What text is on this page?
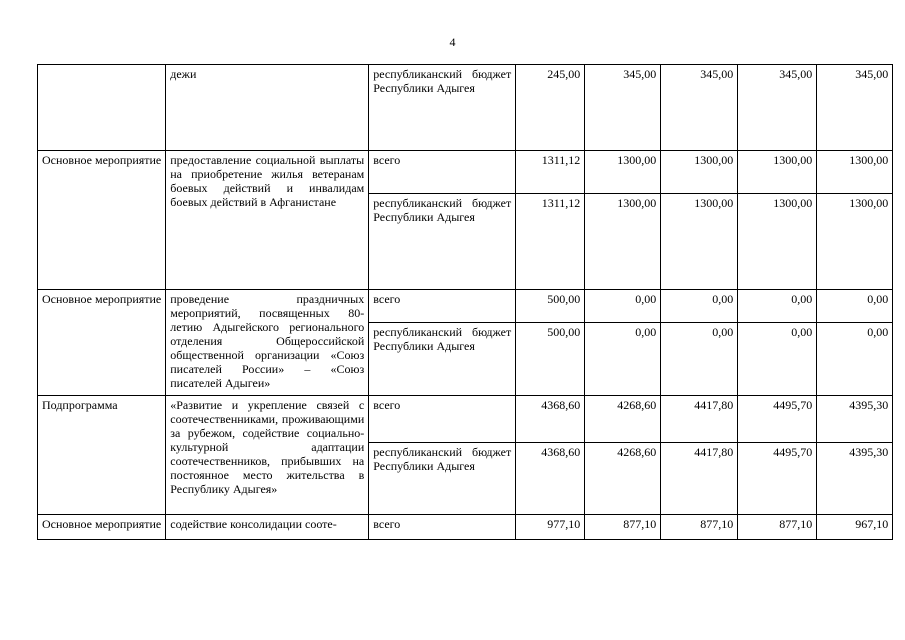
4
	дежи	республиканский бюджет Республики Адыгея	245,00	345,00	345,00	345,00	345,00
Основное мероприятие	предоставление социальной выплаты на приобретение жилья ветеранам боевых действий и инвалидам боевых действий в Афганистане	всего	1311,12	1300,00	1300,00	1300,00	1300,00
		республиканский бюджет Республики Адыгея	1311,12	1300,00	1300,00	1300,00	1300,00
Основное мероприятие	проведение праздничных мероприятий, посвященных 80-летию Адыгейского регионального отделения Общероссийской общественной организации «Союз писателей России» – «Союз писателей Адыгеи»	всего	500,00	0,00	0,00	0,00	0,00
		республиканский бюджет Республики Адыгея	500,00	0,00	0,00	0,00	0,00
Подпрограмма	«Развитие и укрепление связей с соотечественниками, проживающими за рубежом, содействие социально- культурной адаптации соотечественников, прибывших на постоянное место жительства в Республику Адыгея»	всего	4368,60	4268,60	4417,80	4495,70	4395,30
		республиканский бюджет Республики Адыгея	4368,60	4268,60	4417,80	4495,70	4395,30
Основное мероприятие	содействие консолидации сооте-	всего	977,10	877,10	877,10	877,10	967,10
